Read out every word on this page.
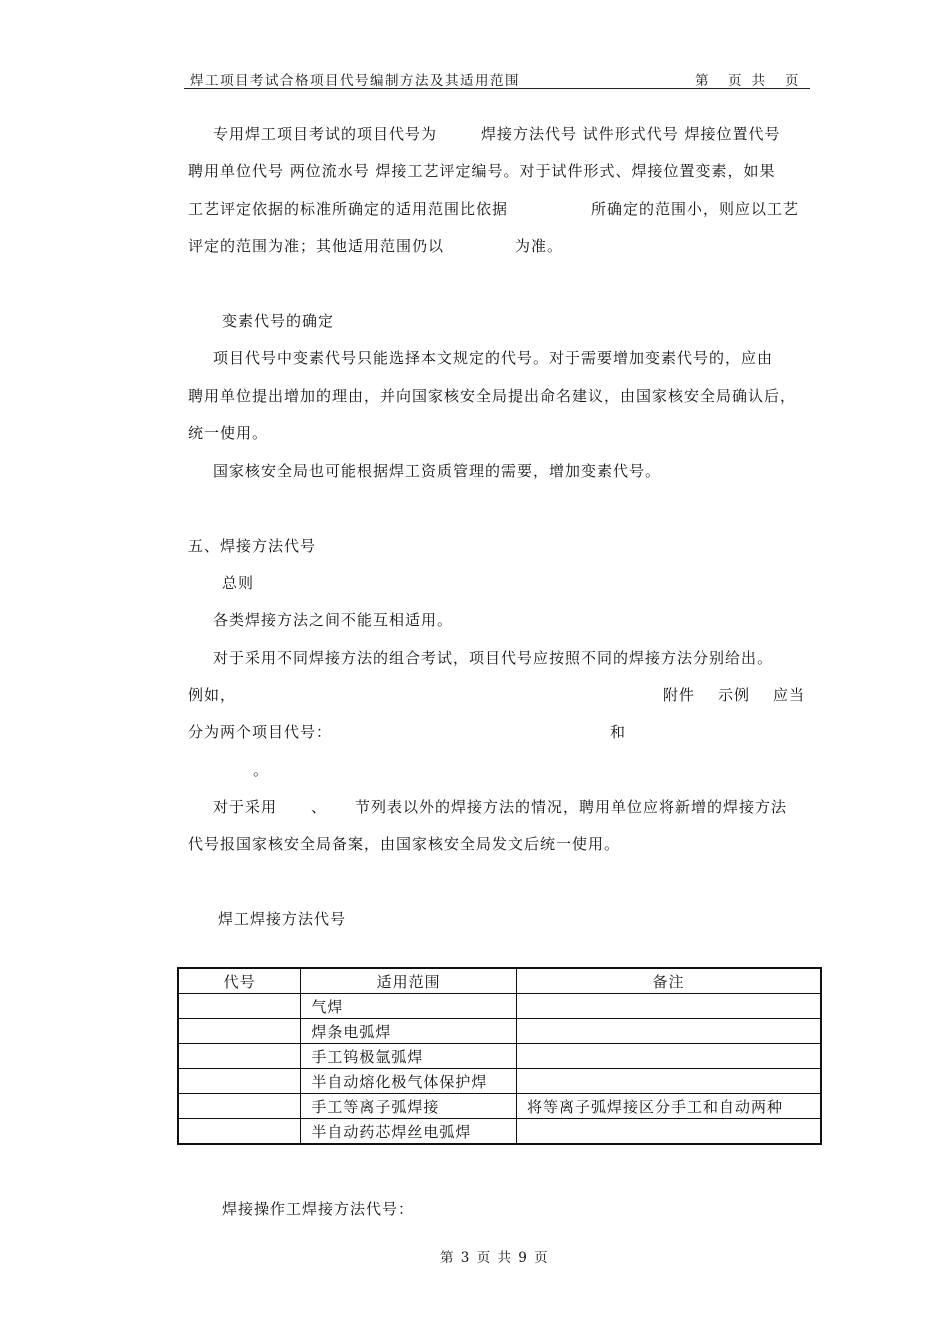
焊工项目考试合格项目代号编制方法及其适用范围	第 页共 页
专用焊工项目考试的项目代号为	焊接方法代号 试件形式代号 焊接位置代号
聘用单位代号 两位流水号 焊接工艺评定编号。对于试件形式、焊接位置变素，如果
工艺评定依据的标准所确定的适用范围比依据	所确定的范围小，则应以工艺
评定的范围为准；其他适用范围仍以	为准。
变素代号的确定
项目代号中变素代号只能选择本文规定的代号。对于需要增加变素代号的，应由
聘用单位提出增加的理由，并向国家核安全局提出命名建议，由国家核安全局确认后，
统一使用。
国家核安全局也可能根据焊工资质管理的需要，增加变素代号。
五、焊接方法代号
总则
各类焊接方法之间不能互相适用。
对于采用不同焊接方法的组合考试，项目代号应按照不同的焊接方法分别给出。
例如，	附件 示例 应当
分为两个项目代号：	和
。
对于采用 、 节列表以外的焊接方法的情况，聘用单位应将新增的焊接方法
代号报国家核安全局备案，由国家核安全局发文后统一使用。
焊工焊接方法代号
代号	适用范围	备注
	气焊	
	焊条电弧焊	
	手工钨极氩弧焊	
	半自动熔化极气体保护焊	
	手工等离子弧焊接	将等离子弧焊接区分手工和自动两种
	半自动药芯焊丝电弧焊	
焊接操作工焊接方法代号：
第 3 页 共 9 页
